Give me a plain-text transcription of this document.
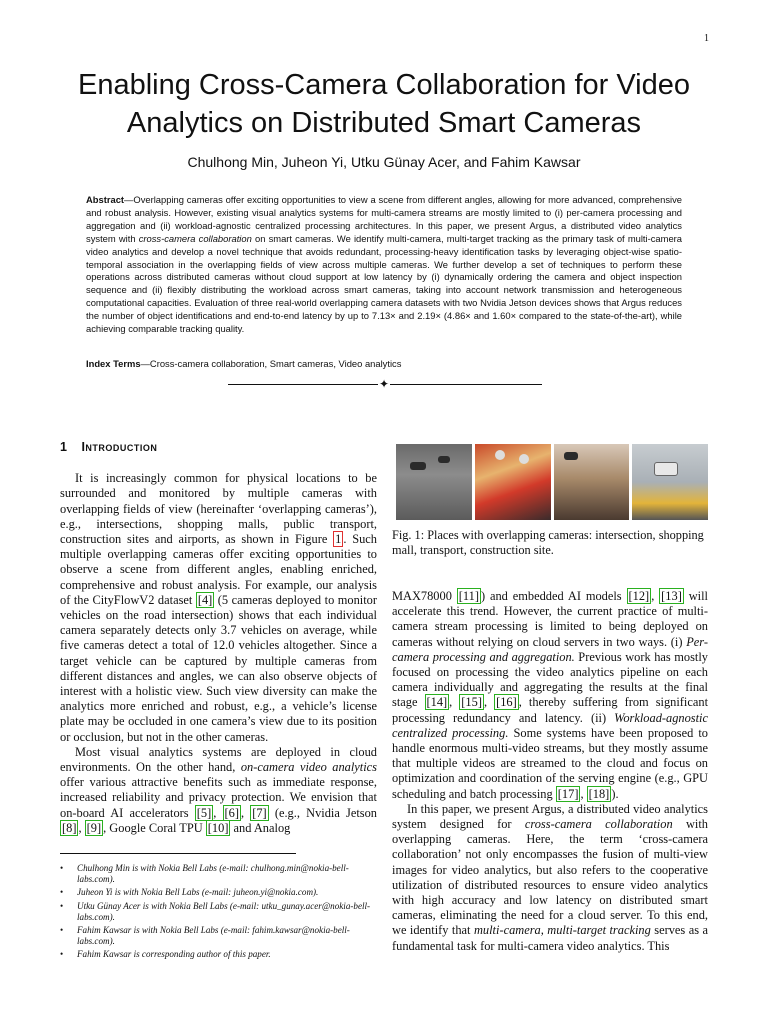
1
Enabling Cross-Camera Collaboration for Video Analytics on Distributed Smart Cameras
Chulhong Min, Juheon Yi, Utku Günay Acer, and Fahim Kawsar
Abstract—Overlapping cameras offer exciting opportunities to view a scene from different angles, allowing for more advanced, comprehensive and robust analysis. However, existing visual analytics systems for multi-camera streams are mostly limited to (i) per-camera processing and aggregation and (ii) workload-agnostic centralized processing architectures. In this paper, we present Argus, a distributed video analytics system with cross-camera collaboration on smart cameras. We identify multi-camera, multi-target tracking as the primary task of multi-camera video analytics and develop a novel technique that avoids redundant, processing-heavy identification tasks by leveraging object-wise spatio-temporal association in the overlapping fields of view across multiple cameras. We further develop a set of techniques to perform these operations across distributed cameras without cloud support at low latency by (i) dynamically ordering the camera and object inspection sequence and (ii) flexibly distributing the workload across smart cameras, taking into account network transmission and heterogeneous computational capacities. Evaluation of three real-world overlapping camera datasets with two Nvidia Jetson devices shows that Argus reduces the number of object identifications and end-to-end latency by up to 7.13× and 2.19× (4.86× and 1.60× compared to the state-of-the-art), while achieving comparable tracking quality.
Index Terms—Cross-camera collaboration, Smart cameras, Video analytics
✦
1 Introduction

It is increasingly common for physical locations to be surrounded and monitored by multiple cameras with overlapping fields of view (hereinafter ‘overlapping cameras’), e.g., intersections, shopping malls, public transport, construction sites and airports, as shown in Figure 1 . Such multiple overlapping cameras offer exciting opportunities to observe a scene from different angles, enabling enriched, comprehensive and robust analysis. For example, our analysis of the CityFlowV2 dataset [4] (5 cameras deployed to monitor vehicles on the road intersection) shows that each individual camera separately detects only 3.7 vehicles on average, while five cameras detect a total of 12.0 vehicles altogether. Since a target vehicle can be captured by multiple cameras from different distances and angles, we can also observe objects of interest with a holistic view. Such view diversity can make the analytics more enriched and robust, e.g., a vehicle’s license plate may be occluded in one camera’s view due to its position or occlusion, but not in the other cameras.

Most visual analytics systems are deployed in cloud environments. On the other hand, on-camera video analytics offer various attractive benefits such as immediate response, increased reliability and privacy protection. We envision that on-board AI accelerators [5] , [6] , [7] (e.g., Nvidia Jetson [8] , [9] , Google Coral TPU [10] and Analog

Fig. 1: Places with overlapping cameras: intersection, shopping mall, transport, construction site.

MAX78000 [11] ) and embedded AI models [12] , [13] will accelerate this trend. However, the current practice of multi-camera stream processing is limited to being deployed on cameras without relying on cloud servers in two ways. (i) Per-camera processing and aggregation. Previous work has mostly focused on processing the video analytics pipeline on each camera individually and aggregating the results at the final stage [14] , [15] , [16] , thereby suffering from significant processing redundancy and latency. (ii) Workload-agnostic centralized processing. Some systems have been proposed to handle enormous multi-video streams, but they mostly assume that multiple videos are streamed to the cloud and focus on optimization and coordination of the serving engine (e.g., GPU scheduling and batch processing [17] , [18] ).

In this paper, we present Argus, a distributed video analytics system designed for cross-camera collaboration with overlapping cameras. Here, the term ‘cross-camera collaboration’ not only encompasses the fusion of multi-view images for video analytics, but also refers to the cooperative utilization of distributed resources to ensure video analytics with high accuracy and low latency on distributed smart cameras, eliminating the need for a cloud server. To this end, we identify that multi-camera, multi-target tracking serves as a fundamental task for multi-camera video analytics. This

• Chulhong Min is with Nokia Bell Labs (e-mail: chulhong.min@nokia-bell-labs.com).
• Juheon Yi is with Nokia Bell Labs (e-mail: juheon.yi@nokia.com).
• Utku Günay Acer is with Nokia Bell Labs (e-mail: utku_gunay.acer@nokia-bell-labs.com).
• Fahim Kawsar is with Nokia Bell Labs (e-mail: fahim.kawsar@nokia-bell-labs.com).
• Fahim Kawsar is corresponding author of this paper.
